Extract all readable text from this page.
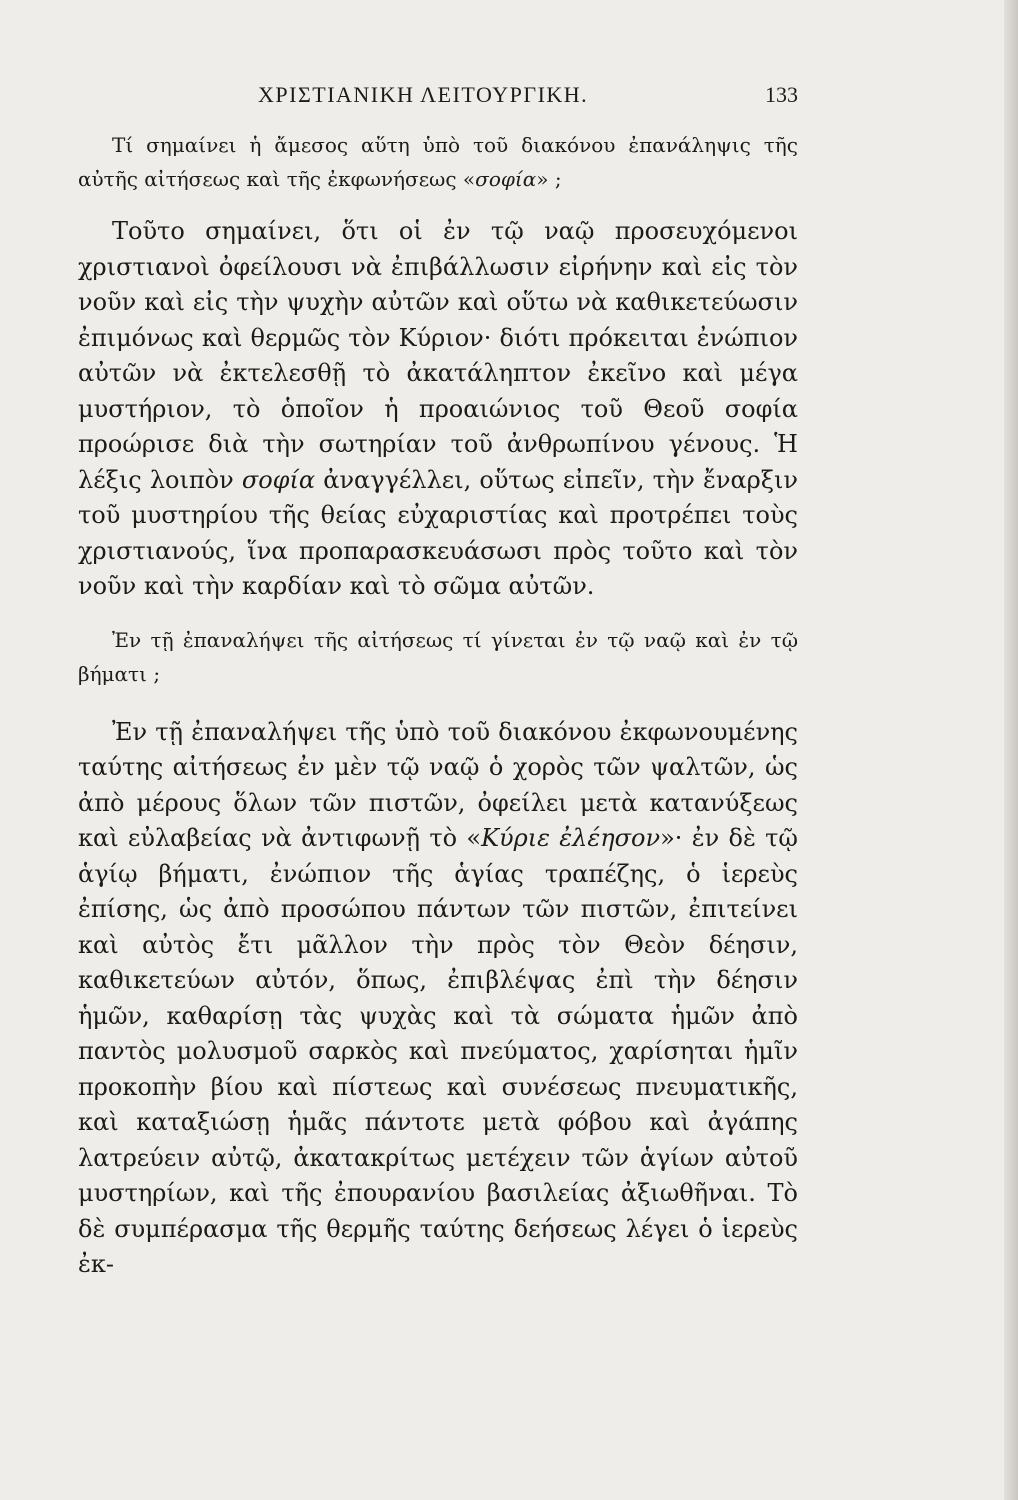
ΧΡΙΣΤΙΑΝΙΚΗ ΛΕΙΤΟΥΡΓΙΚΗ.	133

Τί σημαίνει ἡ ἄμεσος αὕτη ὑπὸ τοῦ διακόνου ἐπανάληψις τῆς αὐτῆς αἰτήσεως καὶ τῆς ἐκφωνήσεως «σοφία» ;

Τοῦτο σημαίνει, ὅτι οἱ ἐν τῷ ναῷ προσευχόμενοι χριστιανοὶ ὀφείλουσι νὰ ἐπιβάλλωσιν εἰρήνην καὶ εἰς τὸν νοῦν καὶ εἰς τὴν ψυχὴν αὐτῶν καὶ οὕτω νὰ καθικετεύωσιν ἐπιμόνως καὶ θερμῶς τὸν Κύριον· διότι πρόκειται ἐνώπιον αὐτῶν νὰ ἐκτελεσθῇ τὸ ἀκατάληπτον ἐκεῖνο καὶ μέγα μυστήριον, τὸ ὁποῖον ἡ προαιώνιος τοῦ Θεοῦ σοφία προώρισε διὰ τὴν σωτηρίαν τοῦ ἀνθρωπίνου γένους. Ἡ λέξις λοιπὸν σοφία ἀναγγέλλει, οὕτως εἰπεῖν, τὴν ἔναρξιν τοῦ μυστηρίου τῆς θείας εὐχαριστίας καὶ προτρέπει τοὺς χριστιανούς, ἵνα προπαρασκευάσωσι πρὸς τοῦτο καὶ τὸν νοῦν καὶ τὴν καρδίαν καὶ τὸ σῶμα αὐτῶν.

Ἐν τῇ ἐπαναλήψει τῆς αἰτήσεως τί γίνεται ἐν τῷ ναῷ καὶ ἐν τῷ βήματι ;

Ἐν τῇ ἐπαναλήψει τῆς ὑπὸ τοῦ διακόνου ἐκφωνουμένης ταύτης αἰτήσεως ἐν μὲν τῷ ναῷ ὁ χορὸς τῶν ψαλτῶν, ὡς ἀπὸ μέρους ὅλων τῶν πιστῶν, ὀφείλει μετὰ κατανύξεως καὶ εὐλαβείας νὰ ἀντιφωνῇ τὸ «Κύριε ἐλέησον»· ἐν δὲ τῷ ἁγίῳ βήματι, ἐνώπιον τῆς ἁγίας τραπέζης, ὁ ἱερεὺς ἐπίσης, ὡς ἀπὸ προσώπου πάντων τῶν πιστῶν, ἐπιτείνει καὶ αὐτὸς ἔτι μᾶλλον τὴν πρὸς τὸν Θεὸν δέησιν, καθικετεύων αὐτόν, ὅπως, ἐπιβλέψας ἐπὶ τὴν δέησιν ἡμῶν, καθαρίσῃ τὰς ψυχὰς καὶ τὰ σώματα ἡμῶν ἀπὸ παντὸς μολυσμοῦ σαρκὸς καὶ πνεύματος, χαρίσηται ἡμῖν προκοπὴν βίου καὶ πίστεως καὶ συνέσεως πνευματικῆς, καὶ καταξιώσῃ ἡμᾶς πάντοτε μετὰ φόβου καὶ ἀγάπης λατρεύειν αὐτῷ, ἀκατακρίτως μετέχειν τῶν ἁγίων αὐτοῦ μυστηρίων, καὶ τῆς ἐπουρανίου βασιλείας ἀξιωθῆναι. Τὸ δὲ συμπέρασμα τῆς θερμῆς ταύτης δεήσεως λέγει ὁ ἱερεὺς ἐκ-
